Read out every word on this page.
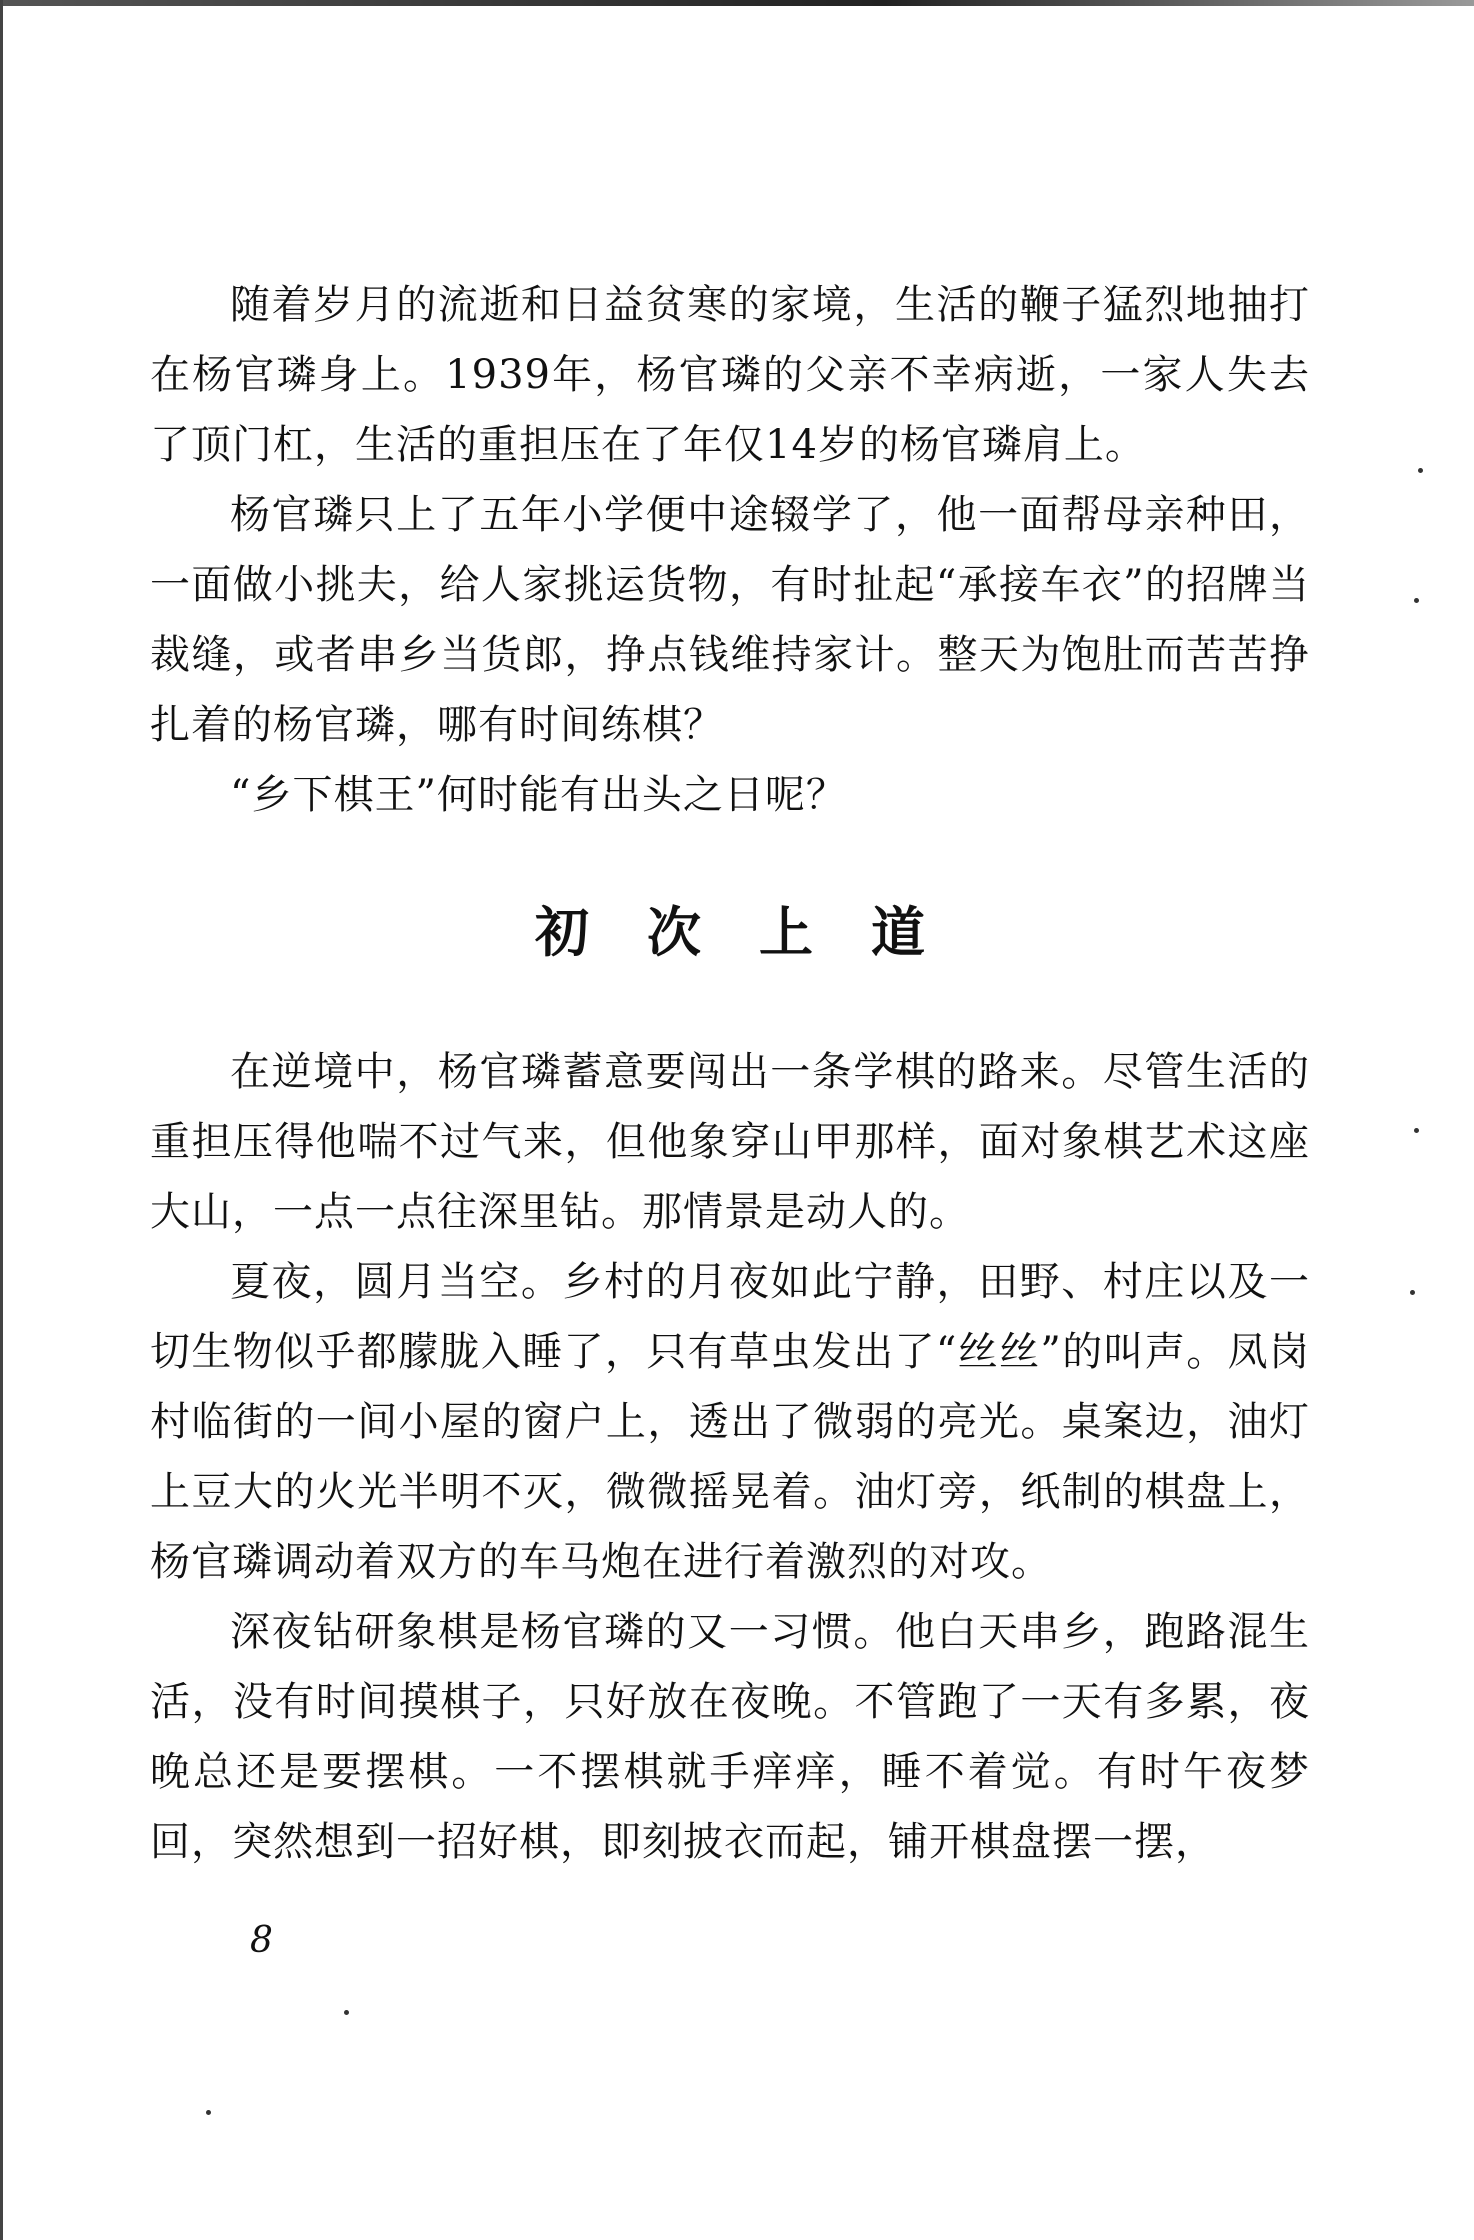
随着岁月的流逝和日益贫寒的家境，生活的鞭子猛烈地抽打在杨官璘身上。1939年，杨官璘的父亲不幸病逝，一家人失去了顶门杠，生活的重担压在了年仅14岁的杨官璘肩上。

杨官璘只上了五年小学便中途辍学了，他一面帮母亲种田，一面做小挑夫，给人家挑运货物，有时扯起“承接车衣”的招牌当裁缝，或者串乡当货郎，挣点钱维持家计。整天为饱肚而苦苦挣扎着的杨官璘，哪有时间练棋？

“乡下棋王”何时能有出头之日呢？

初次上道

在逆境中，杨官璘蓄意要闯出一条学棋的路来。尽管生活的重担压得他喘不过气来，但他象穿山甲那样，面对象棋艺术这座大山，一点一点往深里钻。那情景是动人的。

夏夜，圆月当空。乡村的月夜如此宁静，田野、村庄以及一切生物似乎都朦胧入睡了，只有草虫发出了“丝丝”的叫声。凤岗村临街的一间小屋的窗户上，透出了微弱的亮光。桌案边，油灯上豆大的火光半明不灭，微微摇晃着。油灯旁，纸制的棋盘上，杨官璘调动着双方的车马炮在进行着激烈的对攻。

深夜钻研象棋是杨官璘的又一习惯。他白天串乡，跑路混生活，没有时间摸棋子，只好放在夜晚。不管跑了一天有多累，夜晚总还是要摆棋。一不摆棋就手痒痒，睡不着觉。有时午夜梦回，突然想到一招好棋，即刻披衣而起，铺开棋盘摆一摆，

8
